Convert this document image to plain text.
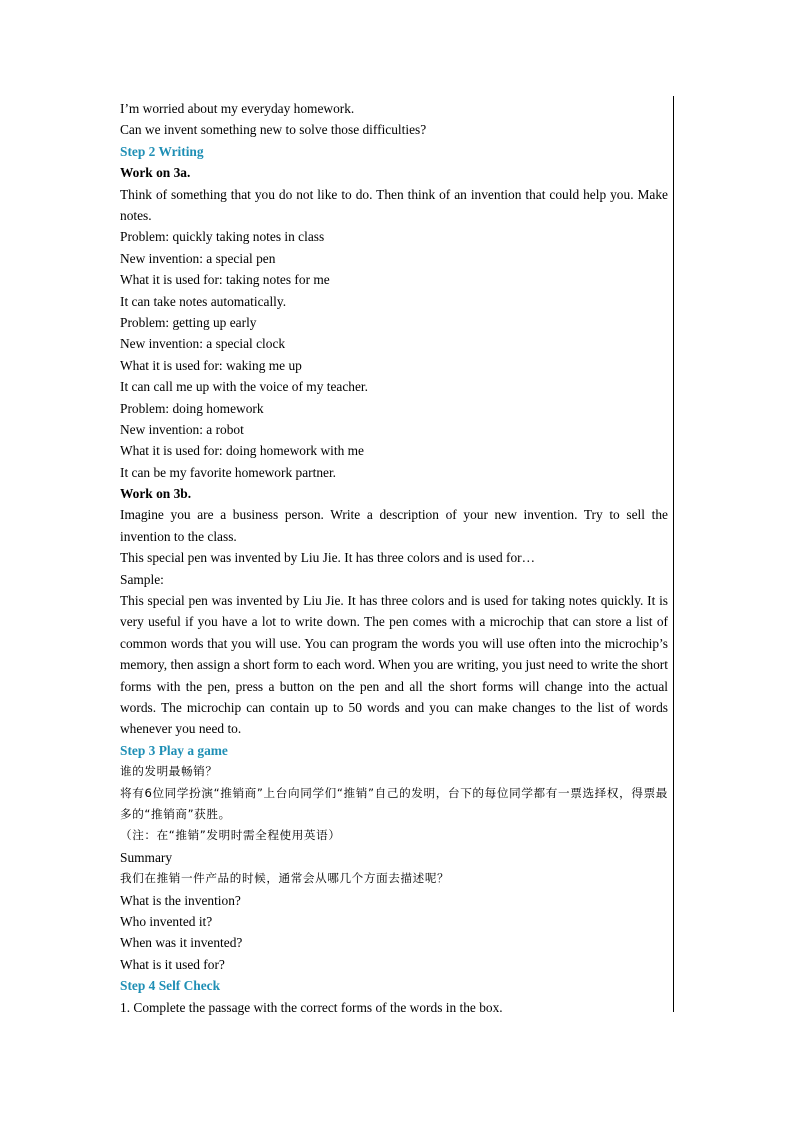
I’m worried about my everyday homework.
Can we invent something new to solve those difficulties?
Step 2 Writing
Work on 3a.
Think of something that you do not like to do. Then think of an invention that could help you. Make notes.
Problem: quickly taking notes in class
New invention: a special pen
What it is used for: taking notes for me
It can take notes automatically.
Problem: getting up early
New invention: a special clock
What it is used for: waking me up
It can call me up with the voice of my teacher.
Problem: doing homework
New invention: a robot
What it is used for: doing homework with me
It can be my favorite homework partner.
Work on 3b.
Imagine you are a business person. Write a description of your new invention. Try to sell the invention to the class.
This special pen was invented by Liu Jie. It has three colors and is used for…
Sample:
This special pen was invented by Liu Jie. It has three colors and is used for taking notes quickly. It is very useful if you have a lot to write down. The pen comes with a microchip that can store a list of common words that you will use. You can program the words you will use often into the microchip’s memory, then assign a short form to each word. When you are writing, you just need to write the short forms with the pen, press a button on the pen and all the short forms will change into the actual words. The microchip can contain up to 50 words and you can make changes to the list of words whenever you need to.
Step 3 Play a game
谁的发明最畅销？
将有6位同学扮演“推销商”上台向同学们“推销”自己的发明，台下的每位同学都有一票选择权，得票最多的“推销商”获胜。
（注：在“推销”发明时需全程使用英语）
Summary
我们在推销一件产品的时候，通常会从哪几个方面去描述呢？
What is the invention?
Who invented it?
When was it invented?
What is it used for?
Step 4 Self Check
1. Complete the passage with the correct forms of the words in the box.
